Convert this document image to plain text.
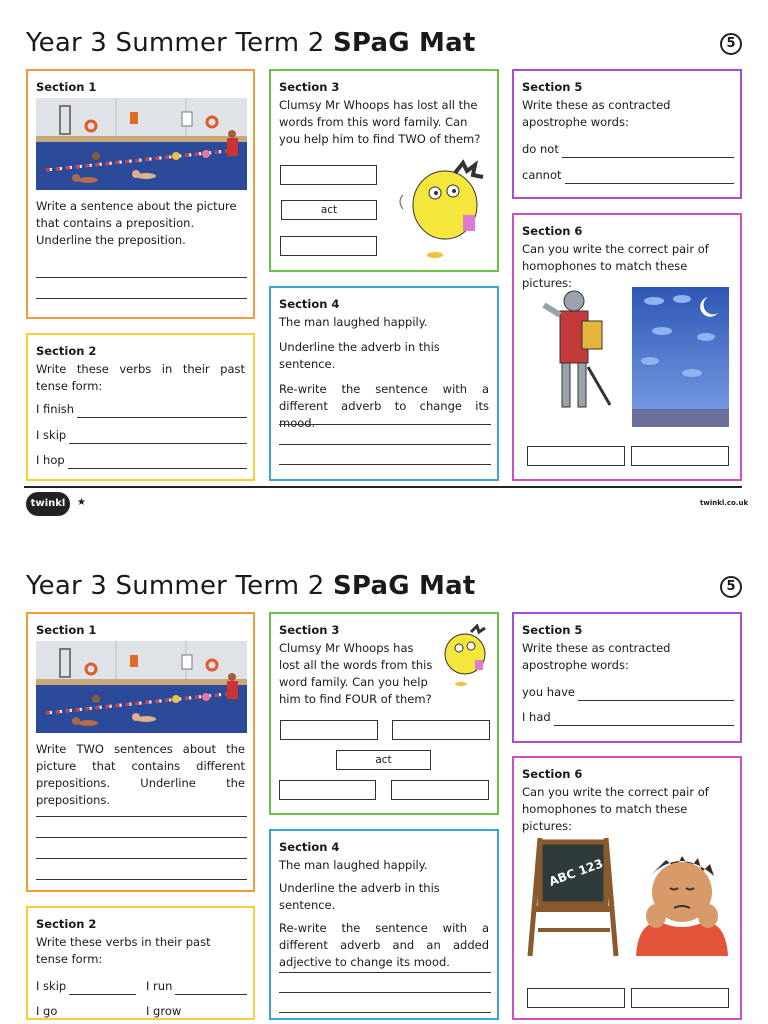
Year 3 Summer Term 2 SPaG Mat	5
Section 1
Write a sentence about the picture that contains a preposition. Underline the preposition.
Section 2
Write these verbs in their past tense form:
I finish
I skip
I hop
Section 3
Clumsy Mr Whoops has lost all the words from this word family. Can you help him to find TWO of them?
act
Section 4
The man laughed happily.
Underline the adverb in this sentence.
Re-write the sentence with a different adverb to change its mood.
Section 5
Write these as contracted apostrophe words:
do not
cannot
Section 6
Can you write the correct pair of homophones to match these pictures:
twinkl	★	twinkl.co.uk
Year 3 Summer Term 2 SPaG Mat	5
Section 1
Write TWO sentences about the picture that contains different prepositions. Underline the prepositions.
Section 2
Write these verbs in their past tense form:
I skip	I run
I go	I grow
Section 3
Clumsy Mr Whoops has lost all the words from this word family. Can you help him to find FOUR of them?
act
Section 4
The man laughed happily.
Underline the adverb in this sentence.
Re-write the sentence with a different adverb and an added adjective to change its mood.
Section 5
Write these as contracted apostrophe words:
you have
I had
Section 6
Can you write the correct pair of homophones to match these pictures:
ABC 123
